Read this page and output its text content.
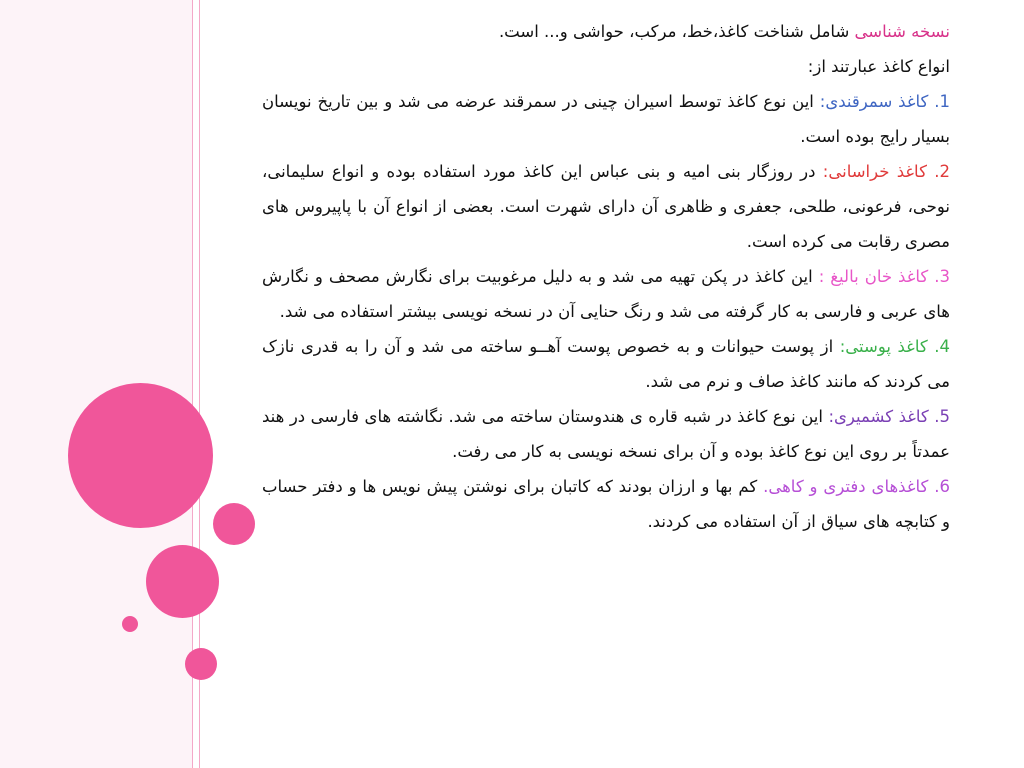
نسخه شناسی شامل شناخت کاغذ،خط، مرکب، حواشی و... است.

انواع کاغذ عبارتند از:

1. کاغذ سمرقندی: این نوع کاغذ توسط اسیران چینی در سمرقند عرضه می شد و بین تاریخ نویسان بسیار رایج بوده است.

2. کاغذ خراسانی: در روزگار بنی امیه و بنی عباس این کاغذ مورد استفاده بوده و انواع سلیمانی، نوحی، فرعونی، طلحی، جعفری و ظاهری آن دارای شهرت است. بعضی از انواع آن با پاپیروس های مصری رقابت می کرده است.

3. کاغذ خان بالیغ : این کاغذ در پکن تهیه می شد و به دلیل مرغوبیت برای نگارش مصحف و نگارش های عربی و فارسی به کار گرفته می شد و رنگ حنایی آن در نسخه نویسی بیشتر استفاده می شد.

4. کاغذ پوستی: از پوست حیوانات و به خصوص پوست آهــو ساخته می شد و آن را به قدری نازک می کردند که مانند کاغذ صاف و نرم می شد.

5. کاغذ کشمیری: این نوع کاغذ در شبه قاره ی هندوستان ساخته می شد. نگاشته های فارسی در هند عمدتاً بر روی این نوع کاغذ بوده و آن برای نسخه نویسی به کار می رفت.

6. کاغذهای دفتری و کاهی. کم بها و ارزان بودند که کاتبان برای نوشتن پیش نویس ها و دفتر حساب و کتابچه های سیاق از آن استفاده می کردند.
